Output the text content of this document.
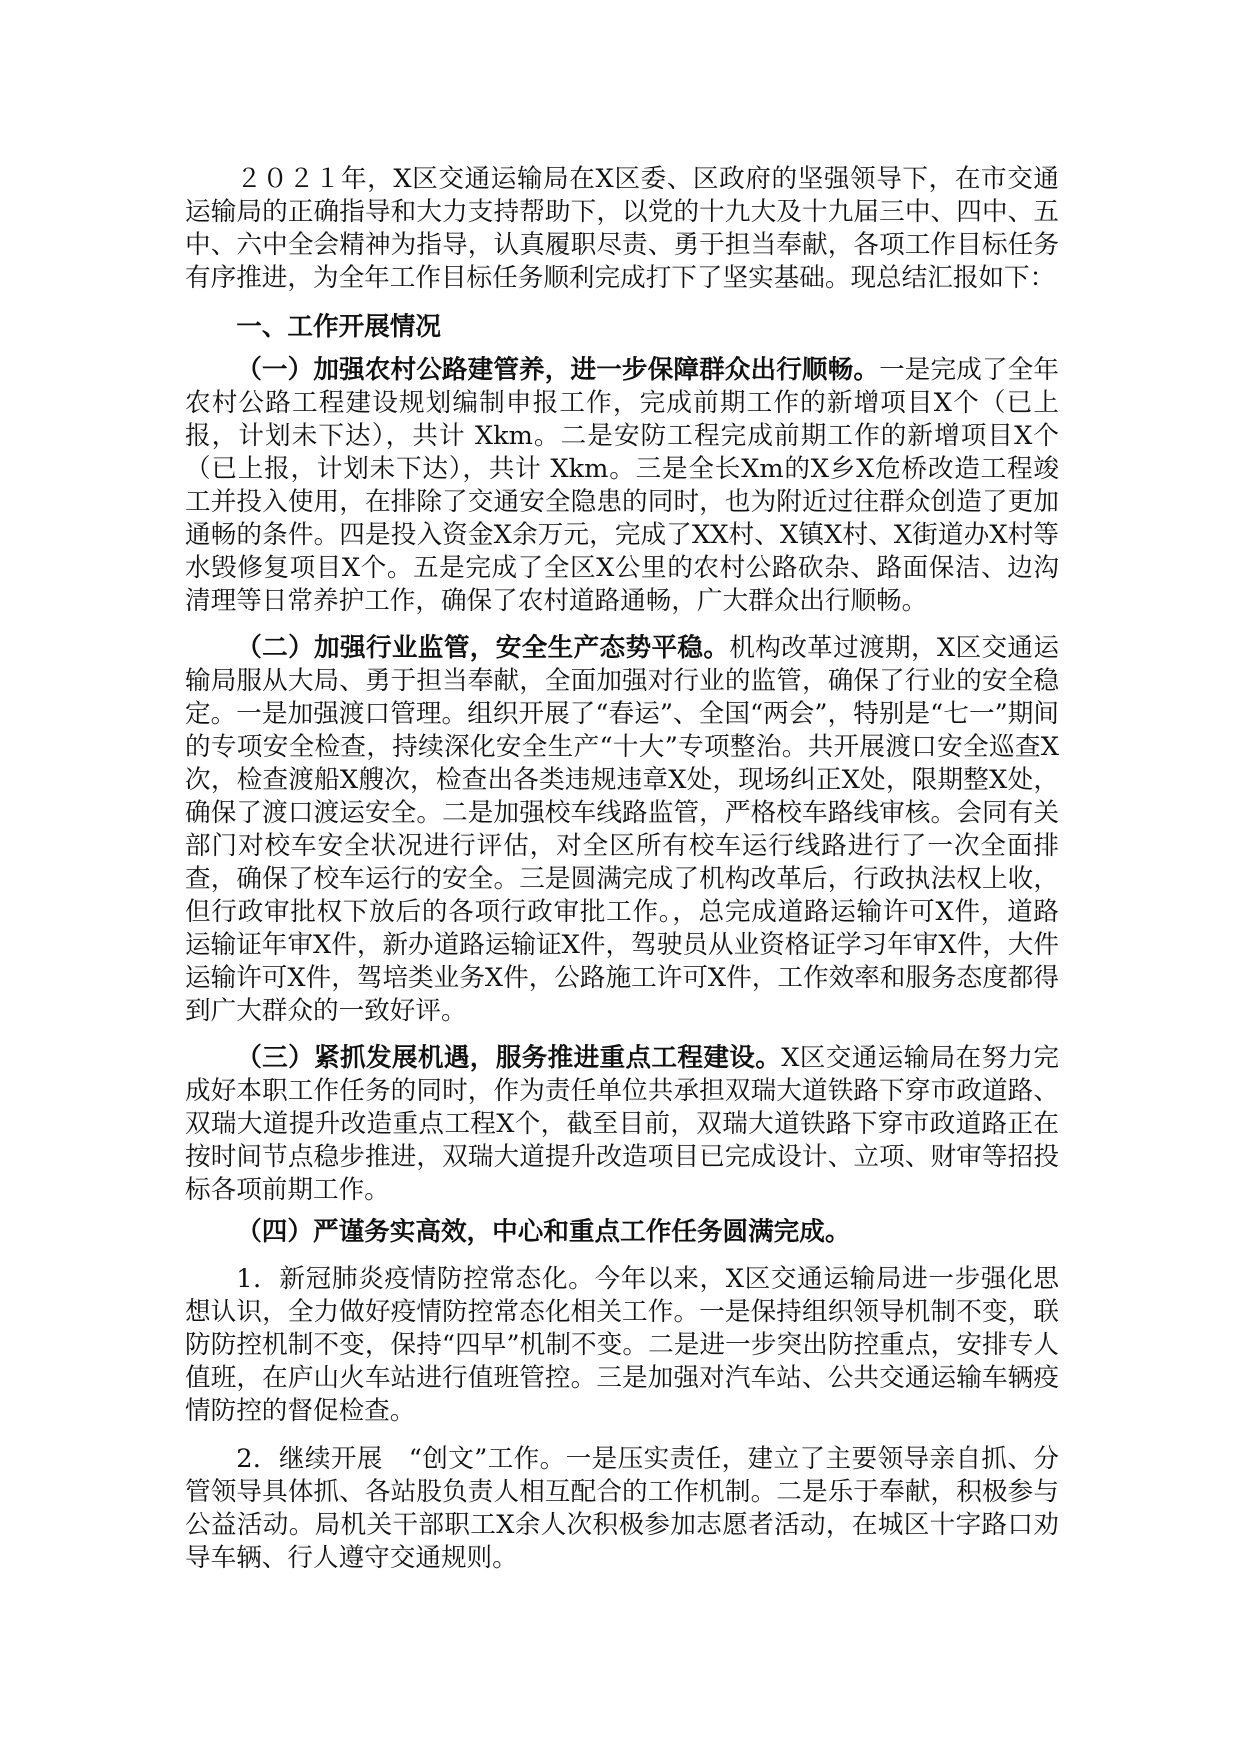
２０２１年，X区交通运输局在X区委、区政府的坚强领导下，在市交通运输局的正确指导和大力支持帮助下，以党的十九大及十九届三中、四中、五中、六中全会精神为指导，认真履职尽责、勇于担当奉献，各项工作目标任务有序推进，为全年工作目标任务顺利完成打下了坚实基础。现总结汇报如下：

一、工作开展情况

（一）加强农村公路建管养，进一步保障群众出行顺畅。一是完成了全年农村公路工程建设规划编制申报工作，完成前期工作的新增项目X个（已上报，计划未下达），共计 Xkm。二是安防工程完成前期工作的新增项目X个（已上报，计划未下达），共计 Xkm。三是全长Xm的X乡X危桥改造工程竣工并投入使用，在排除了交通安全隐患的同时，也为附近过往群众创造了更加通畅的条件。四是投入资金X余万元，完成了XX村、X镇X村、X街道办X村等水毁修复项目X个。五是完成了全区X公里的农村公路砍杂、路面保洁、边沟清理等日常养护工作，确保了农村道路通畅，广大群众出行顺畅。

（二）加强行业监管，安全生产态势平稳。机构改革过渡期，X区交通运输局服从大局、勇于担当奉献，全面加强对行业的监管，确保了行业的安全稳定。一是加强渡口管理。组织开展了“春运”、全国“两会”，特别是“七一”期间的专项安全检查，持续深化安全生产“十大”专项整治。共开展渡口安全巡查X次，检查渡船X艘次，检查出各类违规违章X处，现场纠正X处，限期整X处，确保了渡口渡运安全。二是加强校车线路监管，严格校车路线审核。会同有关部门对校车安全状况进行评估，对全区所有校车运行线路进行了一次全面排查，确保了校车运行的安全。三是圆满完成了机构改革后，行政执法权上收，但行政审批权下放后的各项行政审批工作。，总完成道路运输许可X件，道路运输证年审X件，新办道路运输证X件，驾驶员从业资格证学习年审X件，大件运输许可X件，驾培类业务X件，公路施工许可X件，工作效率和服务态度都得到广大群众的一致好评。

（三）紧抓发展机遇，服务推进重点工程建设。X区交通运输局在努力完成好本职工作任务的同时，作为责任单位共承担双瑞大道铁路下穿市政道路、双瑞大道提升改造重点工程X个，截至目前，双瑞大道铁路下穿市政道路正在按时间节点稳步推进，双瑞大道提升改造项目已完成设计、立项、财审等招投标各项前期工作。

（四）严谨务实高效，中心和重点工作任务圆满完成。

1．新冠肺炎疫情防控常态化。今年以来，X区交通运输局进一步强化思想认识，全力做好疫情防控常态化相关工作。一是保持组织领导机制不变，联防防控机制不变，保持“四早”机制不变。二是进一步突出防控重点，安排专人值班，在庐山火车站进行值班管控。三是加强对汽车站、公共交通运输车辆疫情防控的督促检查。

2．继续开展　“创文”工作。一是压实责任，建立了主要领导亲自抓、分管领导具体抓、各站股负责人相互配合的工作机制。二是乐于奉献，积极参与公益活动。局机关干部职工X余人次积极参加志愿者活动，在城区十字路口劝导车辆、行人遵守交通规则。
